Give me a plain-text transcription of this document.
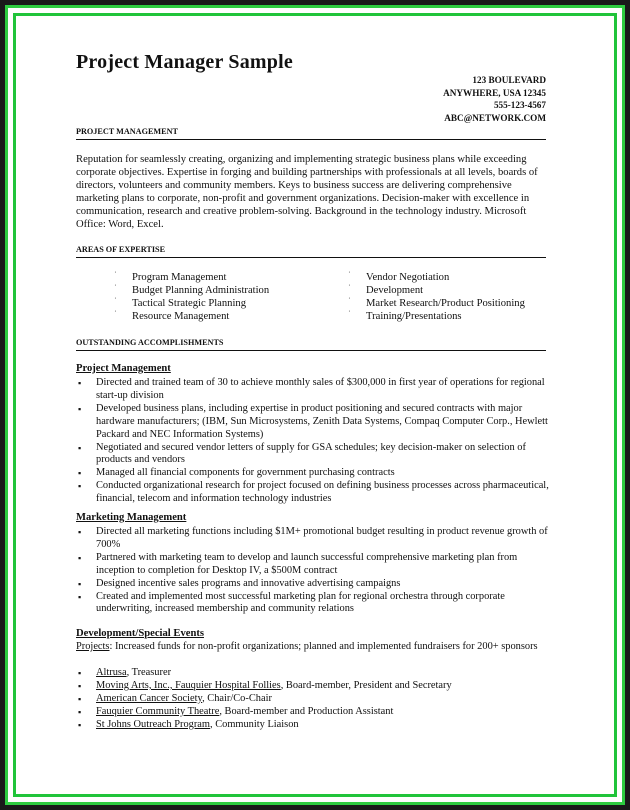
Project Manager Sample
123 BOULEVARD
ANYWHERE, USA 12345
555-123-4567
ABC@NETWORK.COM
PROJECT MANAGEMENT
Reputation for seamlessly creating, organizing and implementing strategic business plans while exceeding corporate objectives. Expertise in forging and building partnerships with professionals at all levels, boards of directors, volunteers and community members. Keys to business success are delivering comprehensive marketing plans to corporate, non-profit and government organizations. Decision-maker with excellence in communication, research and creative problem-solving. Background in the technology industry. Microsoft Office: Word, Excel.
AREAS OF EXPERTISE
˙ Program Management
˙ Budget Planning Administration
˙ Tactical Strategic Planning
˙ Resource Management
˙ Vendor Negotiation
˙ Development
˙ Market Research/Product Positioning
˙ Training/Presentations
OUTSTANDING ACCOMPLISHMENTS
Project Management
▪ Directed and trained team of 30 to achieve monthly sales of $300,000 in first year of operations for regional start-up division
▪ Developed business plans, including expertise in product positioning and secured contracts with major hardware manufacturers; (IBM, Sun Microsystems, Zenith Data Systems, Compaq Computer Corp., Hewlett Packard and NEC Information Systems)
▪ Negotiated and secured vendor letters of supply for GSA schedules; key decision-maker on selection of products and vendors
▪ Managed all financial components for government purchasing contracts
▪ Conducted organizational research for project focused on defining business processes across pharmaceutical, financial, telecom and information technology industries
Marketing Management
▪ Directed all marketing functions including $1M+ promotional budget resulting in product revenue growth of 700%
▪ Partnered with marketing team to develop and launch successful comprehensive marketing plan from inception to completion for Desktop IV, a $500M contract
▪ Designed incentive sales programs and innovative advertising campaigns
▪ Created and implemented most successful marketing plan for regional orchestra through corporate underwriting, increased membership and community relations
Development/Special Events
Projects: Increased funds for non-profit organizations; planned and implemented fundraisers for 200+ sponsors
▪ Altrusa, Treasurer
▪ Moving Arts, Inc., Fauquier Hospital Follies, Board-member, President and Secretary
▪ American Cancer Society, Chair/Co-Chair
▪ Fauquier Community Theatre, Board-member and Production Assistant
▪ St Johns Outreach Program, Community Liaison
